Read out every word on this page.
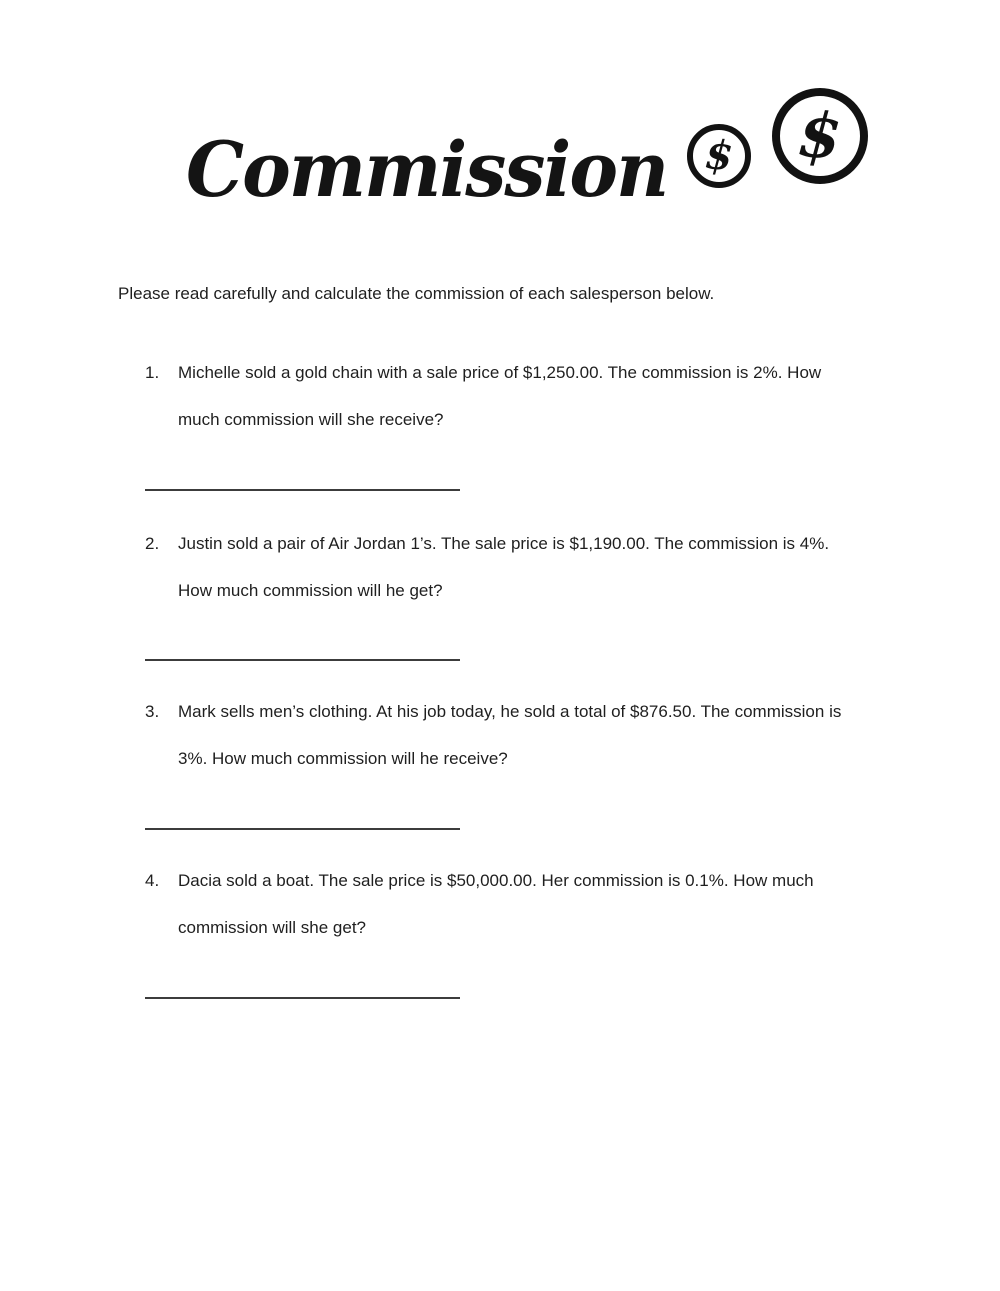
Commission $ $

Please read carefully and calculate the commission of each salesperson below.

1. Michelle sold a gold chain with a sale price of $1,250.00. The commission is 2%. How
much commission will she receive?
2. Justin sold a pair of Air Jordan 1’s. The sale price is $1,190.00. The commission is 4%.
How much commission will he get?
3. Mark sells men’s clothing. At his job today, he sold a total of $876.50. The commission is
3%. How much commission will he receive?
4. Dacia sold a boat. The sale price is $50,000.00. Her commission is 0.1%. How much
commission will she get?
